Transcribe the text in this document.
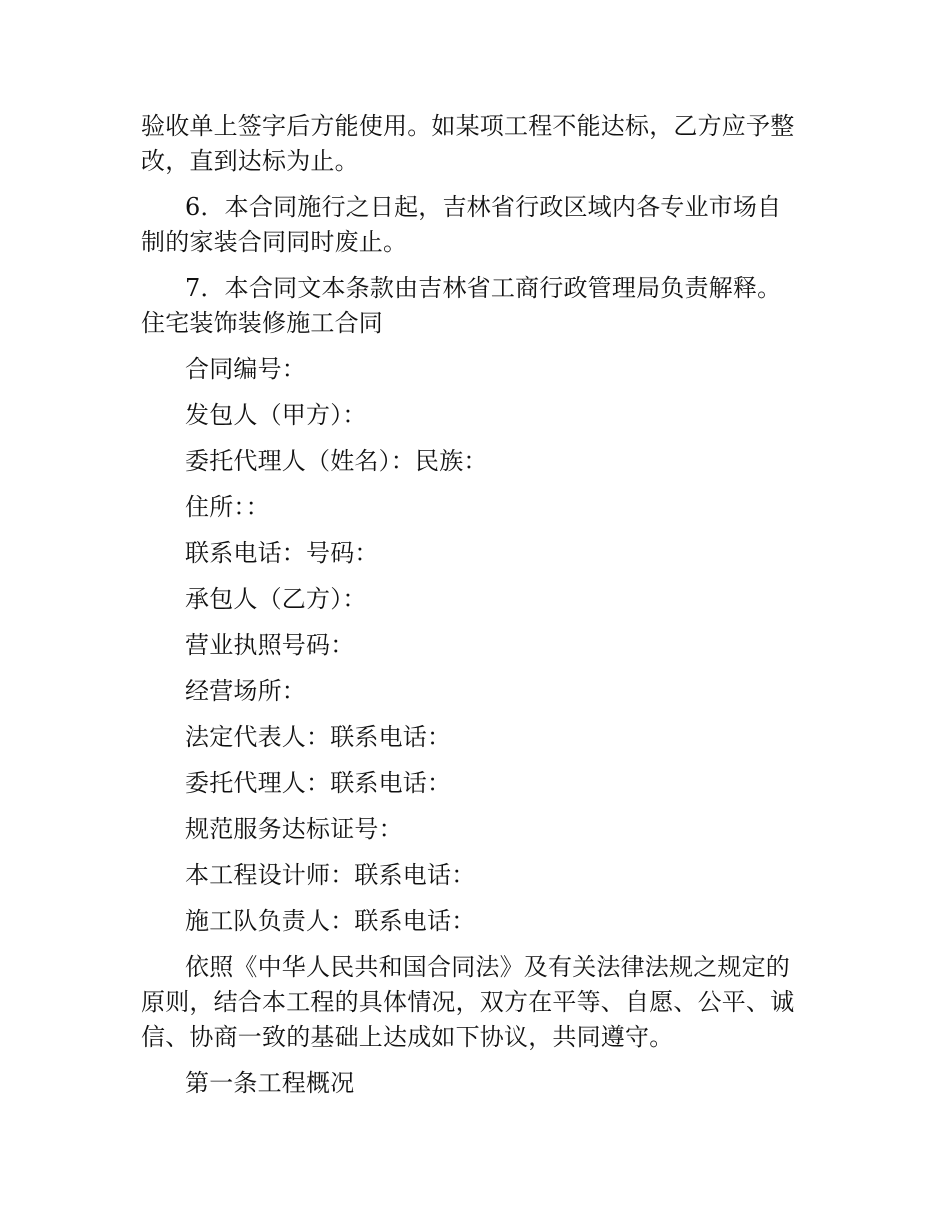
验收单上签字后方能使用。如某项工程不能达标，乙方应予整
改，直到达标为止。

6．本合同施行之日起，吉林省行政区域内各专业市场自
制的家装合同同时废止。

7．本合同文本条款由吉林省工商行政管理局负责解释。
住宅装饰装修施工合同

合同编号：

发包人（甲方）：

委托代理人（姓名）：民族：

住所：：

联系电话：号码：

承包人（乙方）：

营业执照号码：

经营场所：

法定代表人：联系电话：

委托代理人：联系电话：

规范服务达标证号：

本工程设计师：联系电话：

施工队负责人：联系电话：

依照《中华人民共和国合同法》及有关法律法规之规定的
原则，结合本工程的具体情况，双方在平等、自愿、公平、诚
信、协商一致的基础上达成如下协议，共同遵守。

第一条工程概况
